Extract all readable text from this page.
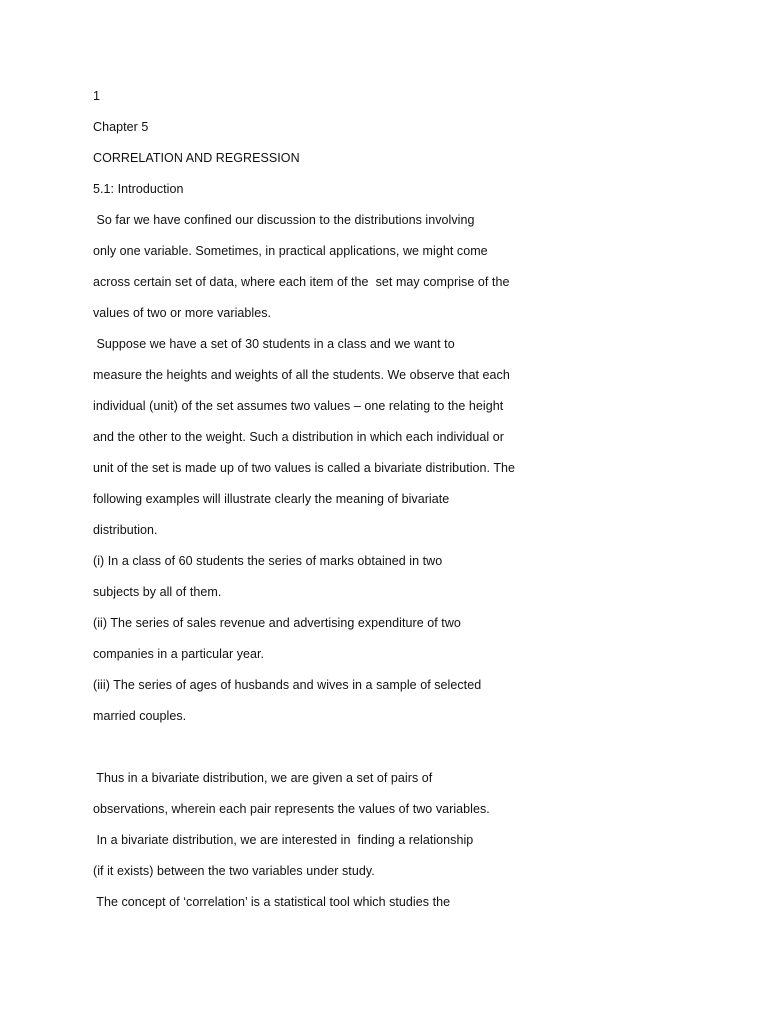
1
Chapter 5
CORRELATION AND REGRESSION
5.1: Introduction
So far we have confined our discussion to the distributions involving
only one variable. Sometimes, in practical applications, we might come
across certain set of data, where each item of the  set may comprise of the
values of two or more variables.
Suppose we have a set of 30 students in a class and we want to
measure the heights and weights of all the students. We observe that each
individual (unit) of the set assumes two values – one relating to the height
and the other to the weight. Such a distribution in which each individual or
unit of the set is made up of two values is called a bivariate distribution. The
following examples will illustrate clearly the meaning of bivariate
distribution.
(i) In a class of 60 students the series of marks obtained in two
subjects by all of them.
(ii) The series of sales revenue and advertising expenditure of two
companies in a particular year.
(iii) The series of ages of husbands and wives in a sample of selected
married couples.
Thus in a bivariate distribution, we are given a set of pairs of
observations, wherein each pair represents the values of two variables.
In a bivariate distribution, we are interested in  finding a relationship
(if it exists) between the two variables under study.
The concept of ‘correlation’ is a statistical tool which studies the
